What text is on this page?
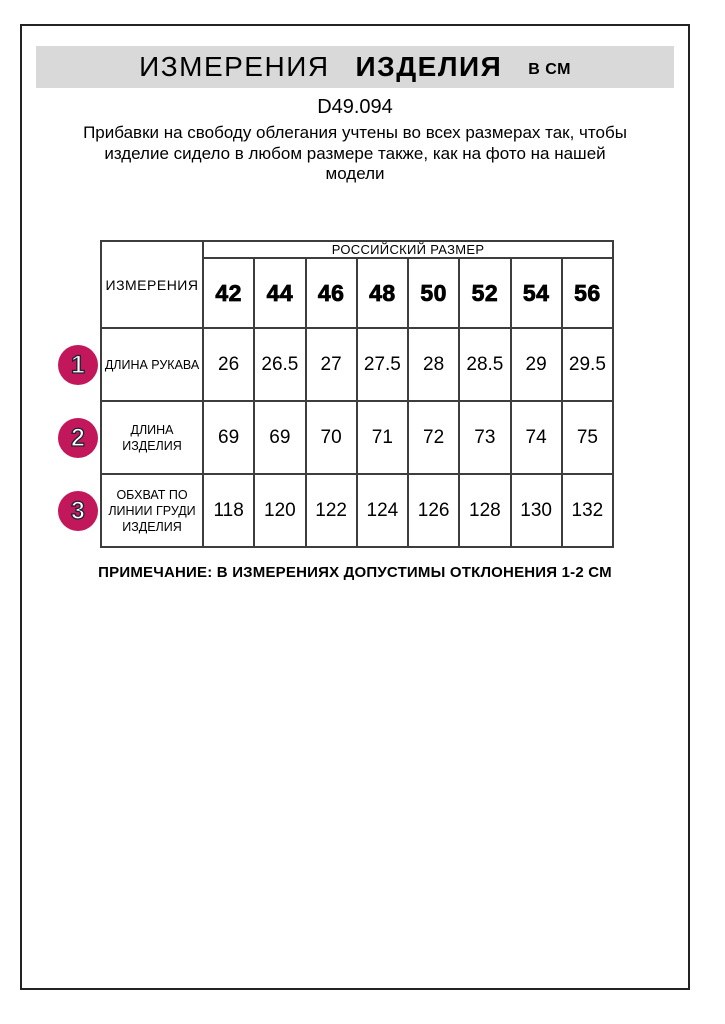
ИЗМЕРЕНИЯ ИЗДЕЛИЯ В СМ
D49.094
Прибавки на свободу облегания учтены во всех размерах так, чтобы
изделие сидело в любом размере также, как на фото на нашей
модели
ИЗМЕРЕНИЯ	РОССИЙСКИЙ РАЗМЕР							
	42	44	46	48	50	52	54	56

ДЛИНА РУКАВА	26	26.5	27	27.5	28	28.5	29	29.5

ДЛИНА
ИЗДЕЛИЯ	69	69	70	71	72	73	74	75

ОБХВАТ ПО
ЛИНИИ ГРУДИ
ИЗДЕЛИЯ	118	120	122	124	126	128	130	132
1
2
3
ПРИМЕЧАНИЕ: В ИЗМЕРЕНИЯХ ДОПУСТИМЫ ОТКЛОНЕНИЯ 1-2 СМ
